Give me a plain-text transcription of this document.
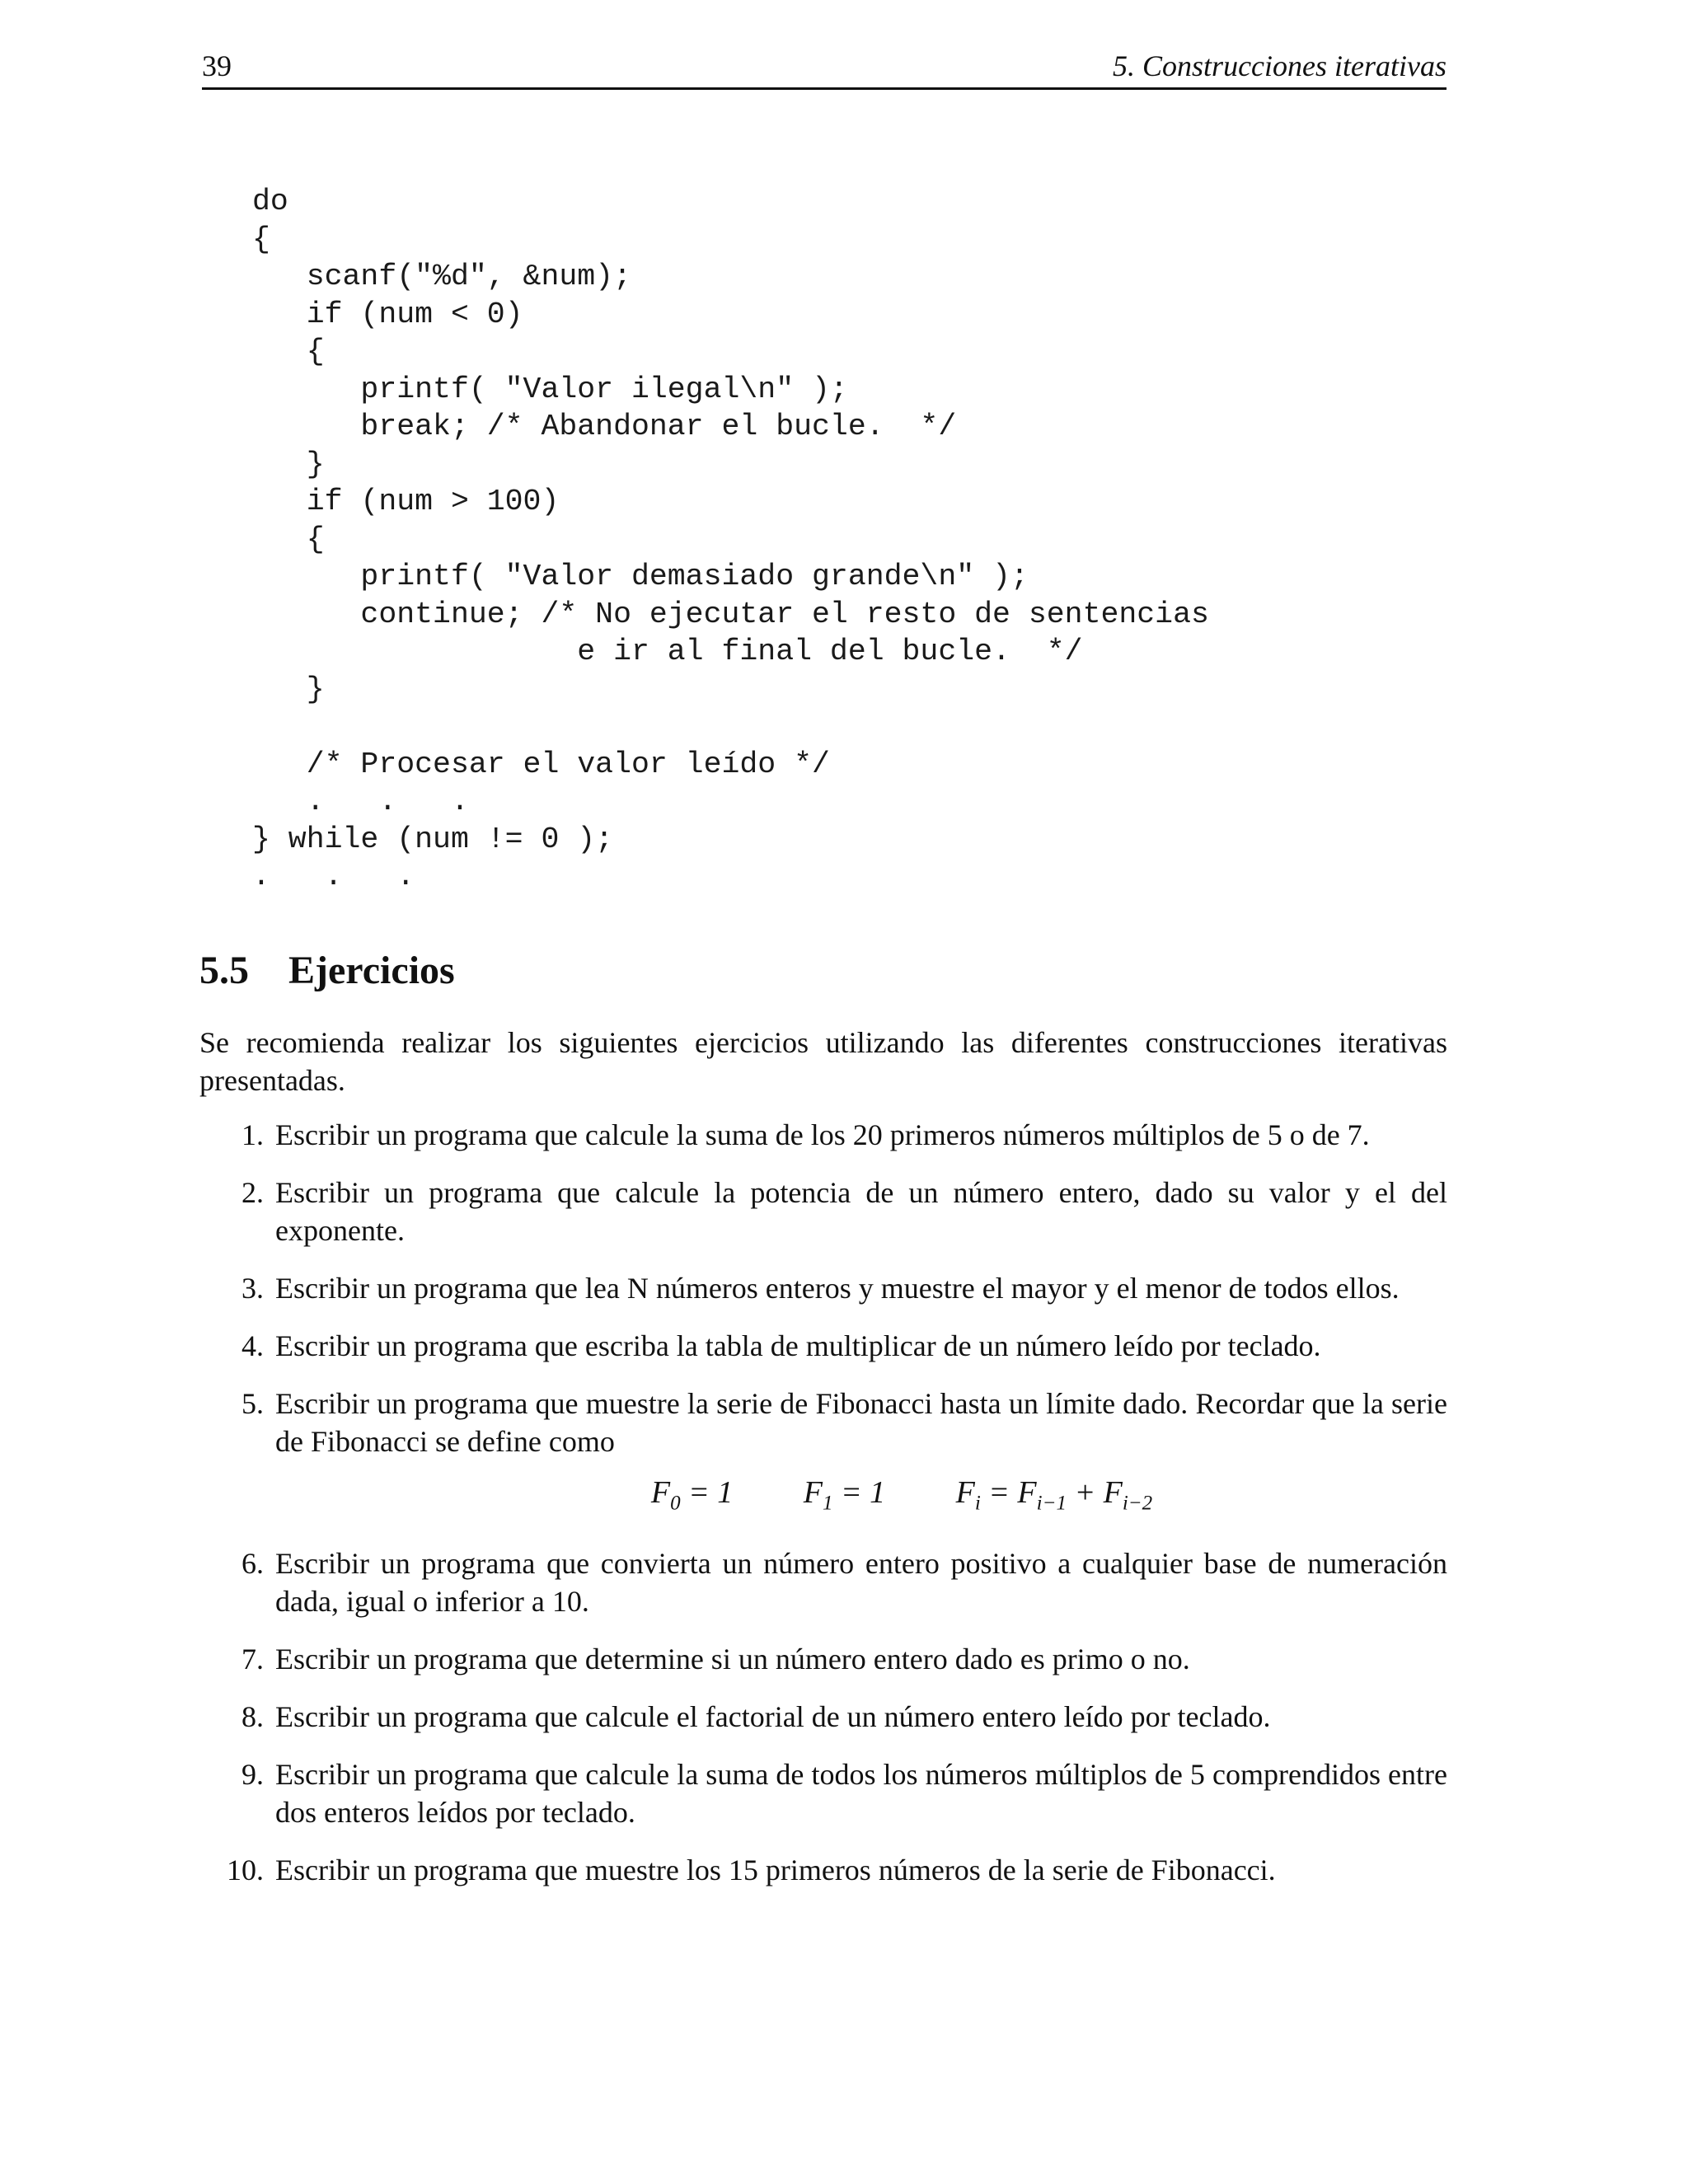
39	5. Construcciones iterativas
do
{
scanf("%d", &num);
if (num < 0)
{
printf( "Valor ilegal\n" );
break; /* Abandonar el bucle.  */
}
if (num > 100)
{
printf( "Valor demasiado grande\n" );
continue; /* No ejecutar el resto de sentencias
e ir al final del bucle.  */
}

/* Procesar el valor leído */
.   .   .
} while (num != 0 );
.   .   .
5.5 Ejercicios

Se recomienda realizar los siguientes ejercicios utilizando las diferentes construcciones iterativas presentadas.

1. Escribir un programa que calcule la suma de los 20 primeros números múltiplos de 5 o de 7.
2. Escribir un programa que calcule la potencia de un número entero, dado su valor y el del exponente.
3. Escribir un programa que lea N números enteros y muestre el mayor y el menor de todos ellos.
4. Escribir un programa que escriba la tabla de multiplicar de un número leído por teclado.
5. Escribir un programa que muestre la serie de Fibonacci hasta un límite dado. Recordar que la serie de Fibonacci se define como
$F_0 = 1$ $F_1 = 1$ $F_i = F_{i-1} + F_{i-2}$
6. Escribir un programa que convierta un número entero positivo a cualquier base de numeración dada, igual o inferior a 10.
7. Escribir un programa que determine si un número entero dado es primo o no.
8. Escribir un programa que calcule el factorial de un número entero leído por teclado.
9. Escribir un programa que calcule la suma de todos los números múltiplos de 5 comprendidos entre dos enteros leídos por teclado.
10. Escribir un programa que muestre los 15 primeros números de la serie de Fibonacci.
